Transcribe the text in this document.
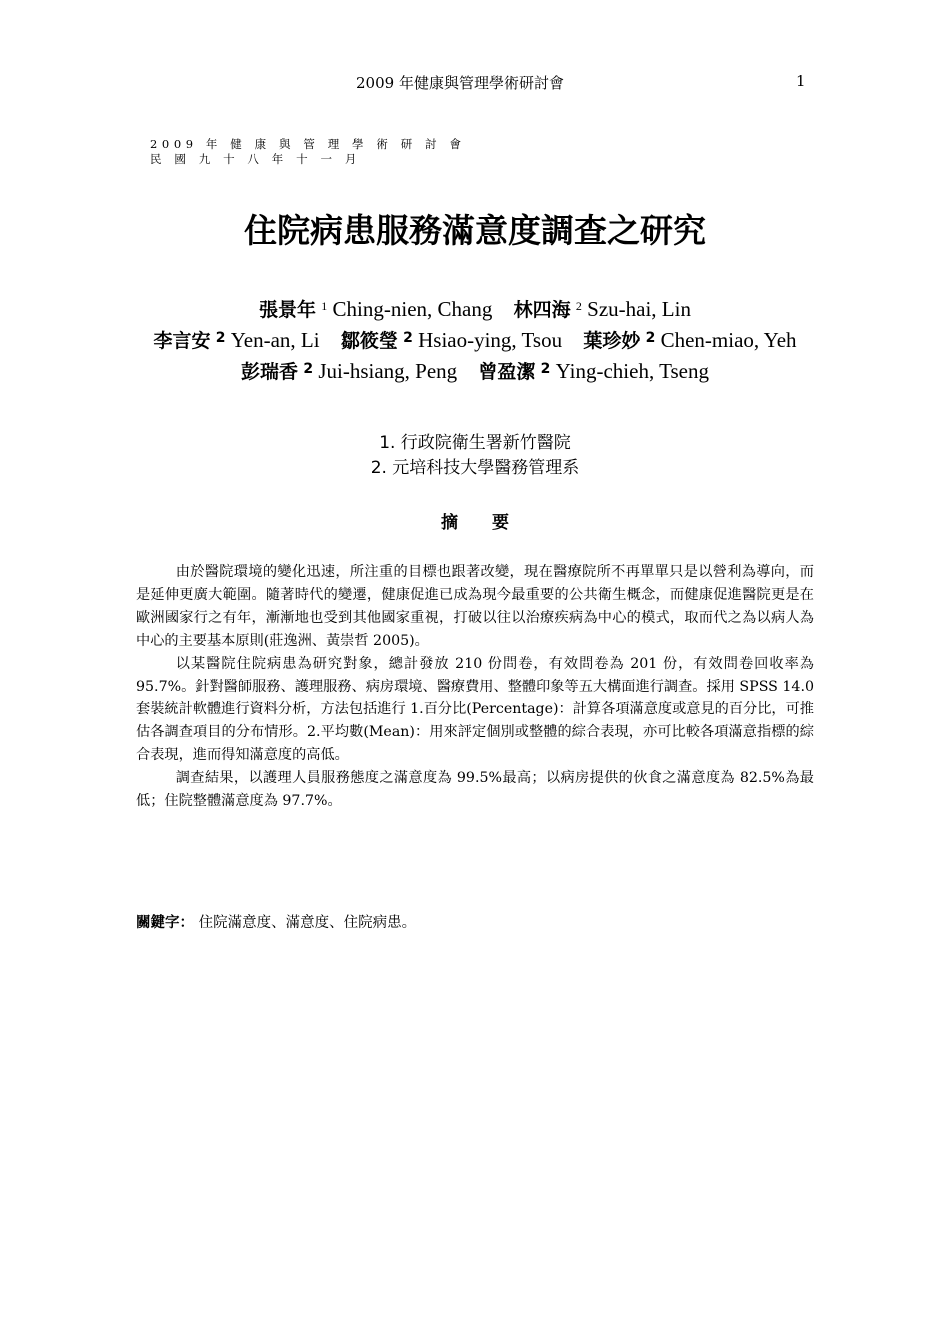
2009 年健康與管理學術研討會	1
2009 年 健 康 與 管 理 學 術 研 討 會
民 國 九 十 八 年 十 一 月
住院病患服務滿意度調查之研究
張景年 $^1$ Ching-nien, Chang 林四海 $^2$ Szu-hai, Lin
李言安 $^2$ Yen-an, Li 鄒筱瑩 $^2$ Hsiao-ying, Tsou 葉珍妙 $^2$ Chen-miao, Yeh
彭瑞香 $^2$ Jui-hsiang, Peng 曾盈潔 $^2$ Ying-chieh, Tseng
1. 行政院衛生署新竹醫院
2. 元培科技大學醫務管理系
摘 要

由於醫院環境的變化迅速，所注重的目標也跟著改變，現在醫療院所不再單單只是以營利為導向，而是延伸更廣大範圍。隨著時代的變遷，健康促進已成為現今最重要的公共衛生概念，而健康促進醫院更是在歐洲國家行之有年，漸漸地也受到其他國家重視，打破以往以治療疾病為中心的模式，取而代之為以病人為中心的主要基本原則(莊逸洲、黃崇哲 2005)。

以某醫院住院病患為研究對象，總計發放 210 份問卷，有效問卷為 201 份，有效問卷回收率為 95.7%。針對醫師服務、護理服務、病房環境、醫療費用、整體印象等五大構面進行調查。採用 SPSS 14.0 套裝統計軟體進行資料分析，方法包括進行 1.百分比(Percentage)：計算各項滿意度或意見的百分比，可推估各調查項目的分布情形。2.平均數(Mean)：用來評定個別或整體的綜合表現，亦可比較各項滿意指標的綜合表現，進而得知滿意度的高低。

調查結果，以護理人員服務態度之滿意度為 99.5%最高；以病房提供的伙食之滿意度為 82.5%為最低；住院整體滿意度為 97.7%。

關鍵字： 住院滿意度、滿意度、住院病患。
